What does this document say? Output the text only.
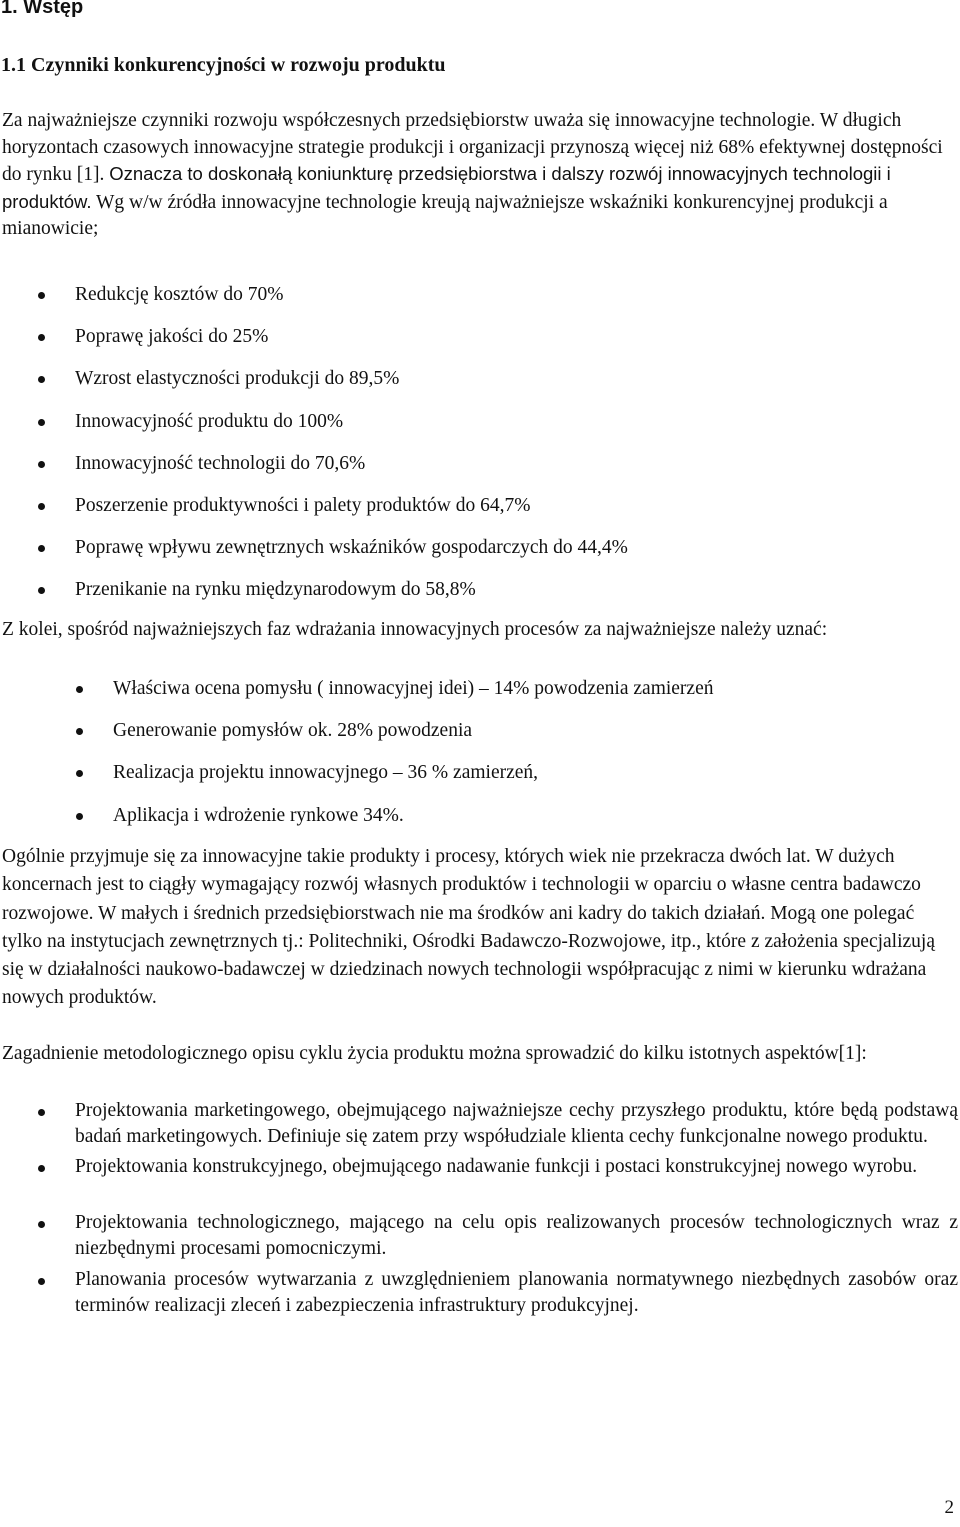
1. Wstęp
1.1 Czynniki konkurencyjności w rozwoju produktu

Za najważniejsze czynniki rozwoju współczesnych przedsiębiorstw uważa się innowacyjne technologie. W długich horyzontach czasowych innowacyjne strategie produkcji i organizacji przynoszą więcej niż 68% efektywnej dostępności do rynku [1]. Oznacza to doskonałą koniunkturę przedsiębiorstwa i dalszy rozwój innowacyjnych technologii i produktów. Wg w/w źródła innowacyjne technologie kreują najważniejsze wskaźniki konkurencyjnej produkcji a mianowicie;

Redukcję kosztów do 70%
Poprawę jakości do 25%
Wzrost elastyczności produkcji do 89,5%
Innowacyjność produktu do 100%
Innowacyjność technologii do 70,6%
Poszerzenie produktywności i palety produktów do 64,7%
Poprawę wpływu zewnętrznych wskaźników gospodarczych do 44,4%
Przenikanie na rynku międzynarodowym do 58,8%

Z kolei, spośród najważniejszych faz wdrażania innowacyjnych procesów za najważniejsze należy uznać:

Właściwa ocena pomysłu ( innowacyjnej idei) – 14% powodzenia zamierzeń
Generowanie pomysłów ok. 28% powodzenia
Realizacja projektu innowacyjnego – 36 % zamierzeń,
Aplikacja i wdrożenie rynkowe 34%.

Ogólnie przyjmuje się za innowacyjne takie produkty i procesy, których wiek nie przekracza dwóch lat. W dużych koncernach jest to ciągły wymagający rozwój własnych produktów i technologii w oparciu o własne centra badawczo rozwojowe. W małych i średnich przedsiębiorstwach nie ma środków ani kadry do takich działań. Mogą one polegać tylko na instytucjach zewnętrznych tj.: Politechniki, Ośrodki Badawczo-Rozwojowe, itp., które z założenia specjalizują się w działalności naukowo-badawczej w dziedzinach nowych technologii współpracując z nimi w kierunku wdrażana nowych produktów.

Zagadnienie metodologicznego opisu cyklu życia produktu można sprowadzić do kilku istotnych aspektów[1]:

Projektowania marketingowego, obejmującego najważniejsze cechy przyszłego produktu, które będą podstawą badań marketingowych. Definiuje się zatem przy współudziale klienta cechy funkcjonalne nowego produktu.
Projektowania konstrukcyjnego, obejmującego nadawanie funkcji i postaci konstrukcyjnej nowego wyrobu.
Projektowania technologicznego, mającego na celu opis realizowanych procesów technologicznych wraz z niezbędnymi procesami pomocniczymi.
Planowania procesów wytwarzania z uwzględnieniem planowania normatywnego niezbędnych zasobów oraz terminów realizacji zleceń i zabezpieczenia infrastruktury produkcyjnej.
2
